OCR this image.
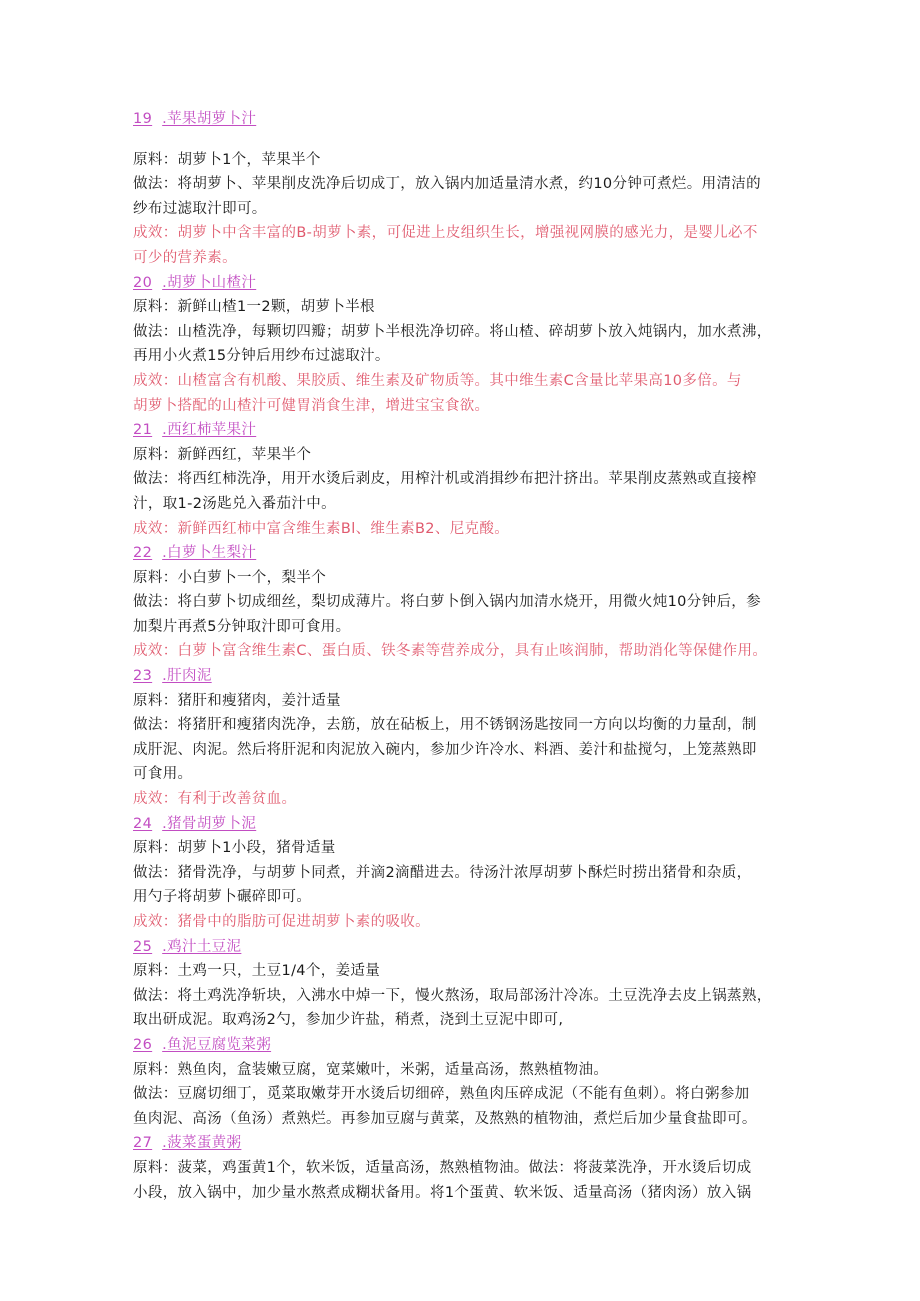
19 .苹果胡萝卜汁
原料：胡萝卜1个，苹果半个
做法：将胡萝卜、苹果削皮洗净后切成丁，放入锅内加适量清水煮，约10分钟可煮烂。用清洁的
纱布过滤取汁即可。
成效：胡萝卜中含丰富的B-胡萝卜素，可促进上皮组织生长，增强视网膜的感光力，是婴儿必不
可少的营养素。
20 .胡萝卜山楂汁
原料：新鲜山楂1一2颗，胡萝卜半根
做法：山楂洗净，每颗切四瓣；胡萝卜半根洗净切碎。将山楂、碎胡萝卜放入炖锅内，加水煮沸，
再用小火煮15分钟后用纱布过滤取汁。
成效：山楂富含有机酸、果胶质、维生素及矿物质等。其中维生素C含量比苹果高10多倍。与
胡萝卜搭配的山楂汁可健胃消食生津，增进宝宝食欲。
21 .西红柿苹果汁
原料：新鲜西红，苹果半个
做法：将西红柿洗净，用开水烫后剥皮，用榨汁机或消揖纱布把汁挤出。苹果削皮蒸熟或直接榨
汁，取1-2汤匙兑入番茄汁中。
成效：新鲜西红柿中富含维生素Bl、维生素B2、尼克酸。
22 .白萝卜生梨汁
原料：小白萝卜一个，梨半个
做法：将白萝卜切成细丝，梨切成薄片。将白萝卜倒入锅内加清水烧开，用微火炖10分钟后，参
加梨片再煮5分钟取汁即可食用。
成效：白萝卜富含维生素C、蛋白质、铁冬素等营养成分，具有止咳润肺，帮助消化等保健作用。
23 .肝肉泥
原料：猪肝和瘦猪肉，姜汁适量
做法：将猪肝和瘦猪肉洗净，去筋，放在砧板上，用不锈钢汤匙按同一方向以均衡的力量刮，制
成肝泥、肉泥。然后将肝泥和肉泥放入碗内，参加少许冷水、料酒、姜汁和盐搅匀，上笼蒸熟即
可食用。
成效：有利于改善贫血。
24 .猪骨胡萝卜泥
原料：胡萝卜1小段，猪骨适量
做法：猪骨洗净，与胡萝卜同煮，并滴2滴醋进去。待汤汁浓厚胡萝卜酥烂时捞出猪骨和杂质，
用勺子将胡萝卜碾碎即可。
成效：猪骨中的脂肪可促进胡萝卜素的吸收。
25 .鸡汁土豆泥
原料：土鸡一只，土豆1/4个，姜适量
做法：将土鸡洗净斩块，入沸水中焯一下，慢火熬汤，取局部汤汁冷冻。土豆洗净去皮上锅蒸熟，
取出研成泥。取鸡汤2勺，参加少许盐，稍煮，浇到土豆泥中即可,
26 .鱼泥豆腐览菜粥
原料：熟鱼肉，盒装嫩豆腐，宽菜嫩叶，米粥，适量高汤，熬熟植物油。
做法：豆腐切细丁，觅菜取嫩芽开水烫后切细碎，熟鱼肉压碎成泥（不能有鱼刺）。将白粥参加
鱼肉泥、高汤（鱼汤）煮熟烂。再参加豆腐与黄菜，及熬熟的植物油，煮烂后加少量食盐即可。
27 .菠菜蛋黄粥
原料：菠菜，鸡蛋黄1个，软米饭，适量高汤，熬熟植物油。做法：将菠菜洗净，开水烫后切成
小段，放入锅中，加少量水熬煮成糊状备用。将1个蛋黄、软米饭、适量高汤（猪肉汤）放入锅
